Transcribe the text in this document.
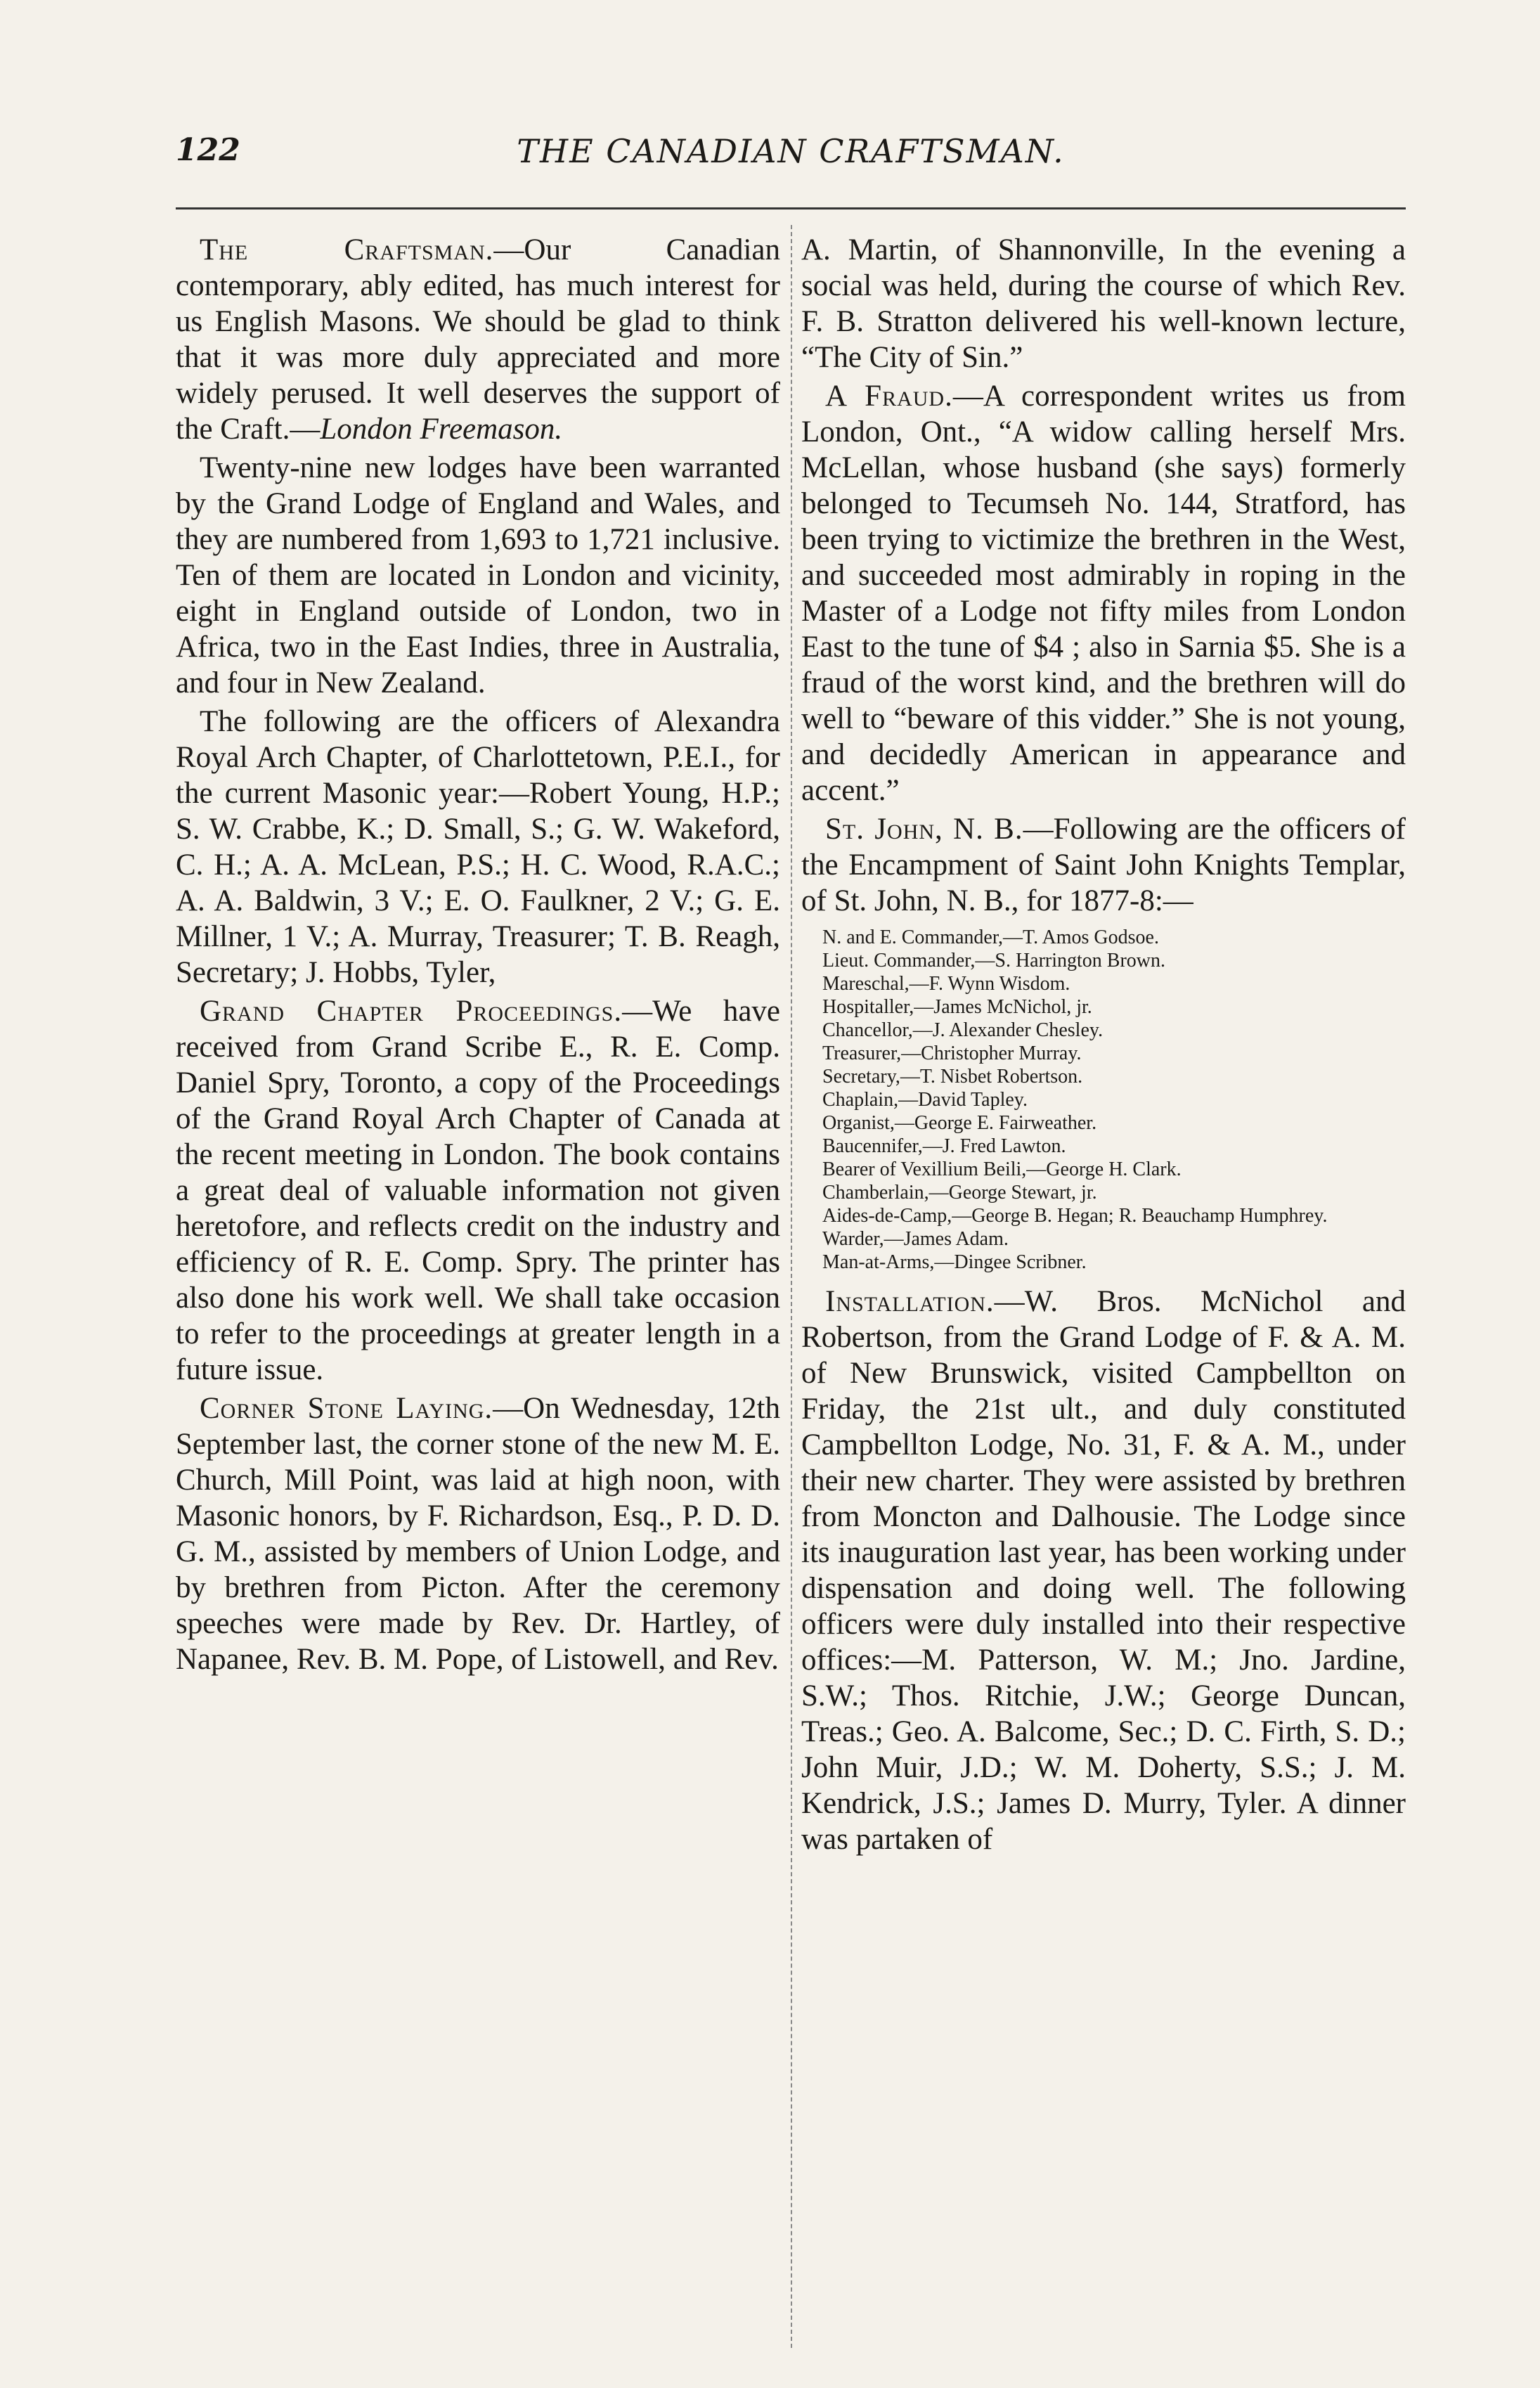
122	THE CANADIAN CRAFTSMAN.

The Craftsman.—Our Canadian contemporary, ably edited, has much interest for us English Masons. We should be glad to think that it was more duly appreciated and more widely perused. It well deserves the support of the Craft.—London Freemason.

Twenty-nine new lodges have been warranted by the Grand Lodge of England and Wales, and they are numbered from 1,693 to 1,721 inclusive. Ten of them are located in London and vicinity, eight in England outside of London, two in Africa, two in the East Indies, three in Australia, and four in New Zealand.

The following are the officers of Alexandra Royal Arch Chapter, of Charlottetown, P.E.I., for the current Masonic year:—Robert Young, H.P.; S. W. Crabbe, K.; D. Small, S.; G. W. Wakeford, C. H.; A. A. McLean, P.S.; H. C. Wood, R.A.C.; A. A. Baldwin, 3 V.; E. O. Faulkner, 2 V.; G. E. Millner, 1 V.; A. Murray, Treasurer; T. B. Reagh, Secretary; J. Hobbs, Tyler,

Grand Chapter Proceedings.—We have received from Grand Scribe E., R. E. Comp. Daniel Spry, Toronto, a copy of the Proceedings of the Grand Royal Arch Chapter of Canada at the recent meeting in London. The book contains a great deal of valuable information not given heretofore, and reflects credit on the industry and efficiency of R. E. Comp. Spry. The printer has also done his work well. We shall take occasion to refer to the proceedings at greater length in a future issue.

Corner Stone Laying.—On Wednesday, 12th September last, the corner stone of the new M. E. Church, Mill Point, was laid at high noon, with Masonic honors, by F. Richardson, Esq., P. D. D. G. M., assisted by members of Union Lodge, and by brethren from Picton. After the ceremony speeches were made by Rev. Dr. Hartley, of Napanee, Rev. B. M. Pope, of Listowell, and Rev.

A. Martin, of Shannonville, In the evening a social was held, during the course of which Rev. F. B. Stratton delivered his well-known lecture, “The City of Sin.”

A Fraud.—A correspondent writes us from London, Ont., “A widow calling herself Mrs. McLellan, whose husband (she says) formerly belonged to Tecumseh No. 144, Stratford, has been trying to victimize the brethren in the West, and succeeded most admirably in roping in the Master of a Lodge not fifty miles from London East to the tune of $4 ; also in Sarnia $5. She is a fraud of the worst kind, and the brethren will do well to “beware of this vidder.” She is not young, and decidedly American in appearance and accent.”

St. John, N. B.—Following are the officers of the Encampment of Saint John Knights Templar, of St. John, N. B., for 1877-8:—

N. and E. Commander,—T. Amos Godsoe.
Lieut. Commander,—S. Harrington Brown.
Mareschal,—F. Wynn Wisdom.
Hospitaller,—James McNichol, jr.
Chancellor,—J. Alexander Chesley.
Treasurer,—Christopher Murray.
Secretary,—T. Nisbet Robertson.
Chaplain,—David Tapley.
Organist,—George E. Fairweather.
Baucennifer,—J. Fred Lawton.
Bearer of Vexillium Beili,—George H. Clark.
Chamberlain,—George Stewart, jr.
Aides-de-Camp,—George B. Hegan; R. Beauchamp Humphrey.
Warder,—James Adam.
Man-at-Arms,—Dingee Scribner.

Installation.—W. Bros. McNichol and Robertson, from the Grand Lodge of F. & A. M. of New Brunswick, visited Campbellton on Friday, the 21st ult., and duly constituted Campbellton Lodge, No. 31, F. & A. M., under their new charter. They were assisted by brethren from Moncton and Dalhousie. The Lodge since its inauguration last year, has been working under dispensation and doing well. The following officers were duly installed into their respective offices:—M. Patterson, W. M.; Jno. Jardine, S.W.; Thos. Ritchie, J.W.; George Duncan, Treas.; Geo. A. Balcome, Sec.; D. C. Firth, S. D.; John Muir, J.D.; W. M. Doherty, S.S.; J. M. Kendrick, J.S.; James D. Murry, Tyler. A dinner was partaken of
